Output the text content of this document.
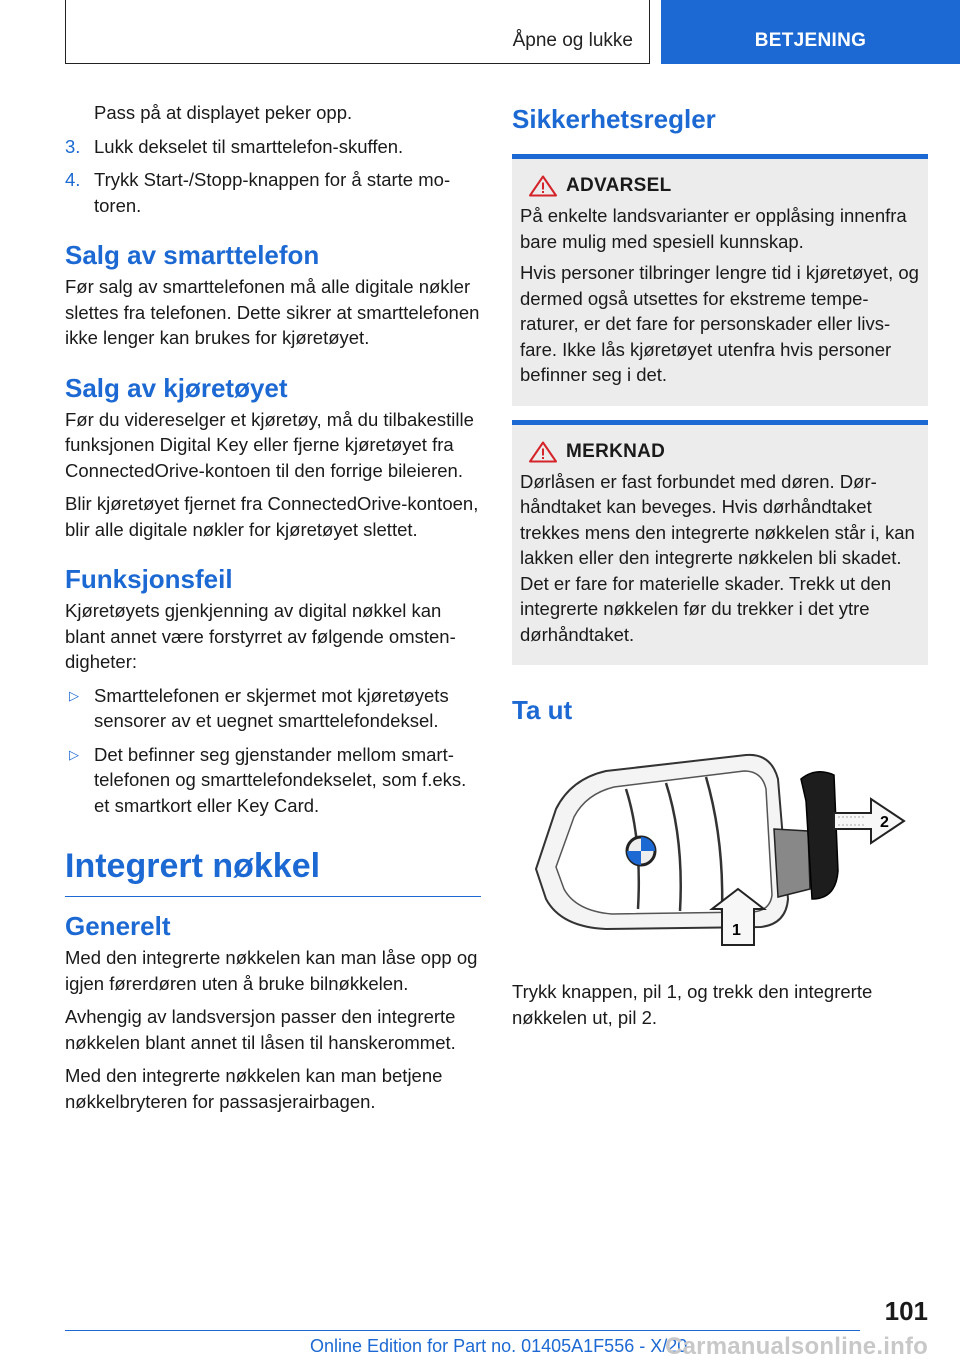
Åpne og lukke	BETJENING

Pass på at displayet peker opp.

3. Lukk dekselet til smarttelefon-skuffen.
4. Trykk Start-/Stopp-knappen for å starte motoren.
Salg av smarttelefon

Før salg av smarttelefonen må alle digitale nøkler slettes fra telefonen. Dette sikrer at smarttelefonen ikke lenger kan brukes for kjøretøyet.

Salg av kjøretøyet

Før du videreselger et kjøretøy, må du tilbakestille funksjonen Digital Key eller fjerne kjøretøyet fra ConnectedOrive-kontoen til den forrige bileieren.

Blir kjøretøyet fjernet fra ConnectedOrive-kontoen, blir alle digitale nøkler for kjøretøyet slettet.

Funksjonsfeil

Kjøretøyets gjenkjenning av digital nøkkel kan blant annet være forstyrret av følgende omstendigheter:

▷ Smarttelefonen er skjermet mot kjøretøyets sensorer av et uegnet smarttelefondeksel.
▷ Det befinner seg gjenstander mellom smarttelefonen og smarttelefondekselet, som f.eks. et smartkort eller Key Card.
Integrert nøkkel
Generelt

Med den integrerte nøkkelen kan man låse opp og igjen førerdøren uten å bruke bilnøkkelen.

Avhengig av landsversjon passer den integrerte nøkkelen blant annet til låsen til hanskerommet.

Med den integrerte nøkkelen kan man betjene nøkkelbryteren for passasjerairbagen.

Sikkerhetsregler
ADVARSEL

På enkelte landsvarianter er opplåsing innenfra bare mulig med spesiell kunnskap.

Hvis personer tilbringer lengre tid i kjøretøyet, og dermed også utsettes for ekstreme temperaturer, er det fare for personskader eller livsfare. Ikke lås kjøretøyet utenfra hvis personer befinner seg i det.

MERKNAD

Dørlåsen er fast forbundet med døren. Dørhåndtaket kan beveges. Hvis dørhåndtaket trekkes mens den integrerte nøkkelen står i, kan lakken eller den integrerte nøkkelen bli skadet. Det er fare for materielle skader. Trekk ut den integrerte nøkkelen før du trekker i det ytre dørhåndtaket.

Ta ut
2
1

Trykk knappen, pil 1, og trekk den integrerte nøkkelen ut, pil 2.

101
Online Edition for Part no. 01405A1F556 - X/20
Carmanualsonline.info
